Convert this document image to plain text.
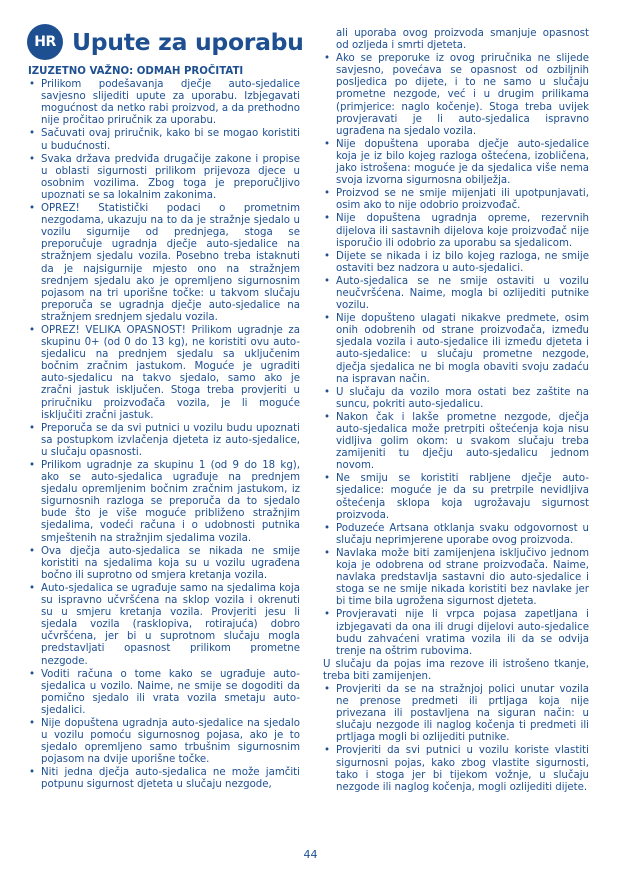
HR Upute za uporabu
IZUZETNO VAŽNO: ODMAH PROČITATI
• Prilikom podešavanja dječje auto-sjedalice savjesno slijediti upute za uporabu. Izbjegavati mogućnost da netko rabi proizvod, a da prethodno nije pročitao priručnik za uporabu.
• Sačuvati ovaj priručnik, kako bi se mogao koristiti u budućnosti.
• Svaka država predviđa drugačije zakone i propise u oblasti sigurnosti prilikom prijevoza djece u osobnim vozilima. Zbog toga je preporučljivo upoznati se sa lokalnim zakonima.
• OPREZ! Statistički podaci o prometnim nezgodama, ukazuju na to da je stražnje sjedalo u vozilu sigurnije od prednjega, stoga se preporučuje ugradnja dječje auto-sjedalice na stražnjem sjedalu vozila. Posebno treba istaknuti da je najsigurnije mjesto ono na stražnjem srednjem sjedalu ako je opremljeno sigurnosnim pojasom na tri uporišne točke: u takvom slučaju preporuča se ugradnja dječje auto-sjedalice na stražnjem srednjem sjedalu vozila.
• OPREZ! VELIKA OPASNOST! Prilikom ugradnje za skupinu 0+ (od 0 do 13 kg), ne koristiti ovu auto-sjedalicu na prednjem sjedalu sa uključenim bočnim zračnim jastukom. Moguće je ugraditi auto-sjedalicu na takvo sjedalo, samo ako je zračni jastuk isključen. Stoga treba provjeriti u priručniku proizvođača vozila, je li moguće isključiti zračni jastuk.
• Preporuča se da svi putnici u vozilu budu upoznati sa postupkom izvlačenja djeteta iz auto-sjedalice, u slučaju opasnosti.
• Prilikom ugradnje za skupinu 1 (od 9 do 18 kg), ako se auto-sjedalica ugrađuje na prednjem sjedalu opremljenim bočnim zračnim jastukom, iz sigurnosnih razloga se preporuča da to sjedalo bude što je više moguće približeno stražnjim sjedalima, vodeći računa i o udobnosti putnika smještenih na stražnjim sjedalima vozila.
• Ova dječja auto-sjedalica se nikada ne smije koristiti na sjedalima koja su u vozilu ugrađena bočno ili suprotno od smjera kretanja vozila.
• Auto-sjedalica se ugrađuje samo na sjedalima koja su ispravno učvršćena na sklop vozila i okrenuti su u smjeru kretanja vozila. Provjeriti jesu li sjedala vozila (rasklopiva, rotirajuća) dobro učvršćena, jer bi u suprotnom slučaju mogla predstavljati opasnost prilikom prometne nezgode.
• Voditi računa o tome kako se ugrađuje auto-sjedalica u vozilo. Naime, ne smije se dogoditi da pomično sjedalo ili vrata vozila smetaju auto-sjedalici.
• Nije dopuštena ugradnja auto-sjedalice na sjedalo u vozilu pomoću sigurnosnog pojasa, ako je to sjedalo opremljeno samo trbušnim sigurnosnim pojasom na dvije uporišne točke.
• Niti jedna dječja auto-sjedalica ne može jamčiti potpunu sigurnost djeteta u slučaju nezgode,
ali uporaba ovog proizvoda smanjuje opasnost od ozljeda i smrti djeteta.
• Ako se preporuke iz ovog priručnika ne slijede savjesno, povećava se opasnost od ozbiljnih posljedica po dijete, i to ne samo u slučaju prometne nezgode, već i u drugim prilikama (primjerice: naglo kočenje). Stoga treba uvijek provjeravati je li auto-sjedalica ispravno ugrađena na sjedalo vozila.
• Nije dopuštena uporaba dječje auto-sjedalice koja je iz bilo kojeg razloga oštećena, izobličena, jako istrošena: moguće je da sjedalica više nema svoja izvorna sigurnosna obilježja.
• Proizvod se ne smije mijenjati ili upotpunjavati, osim ako to nije odobrio proizvođač.
• Nije dopuštena ugradnja opreme, rezervnih dijelova ili sastavnih dijelova koje proizvođač nije isporučio ili odobrio za uporabu sa sjedalicom.
• Dijete se nikada i iz bilo kojeg razloga, ne smije ostaviti bez nadzora u auto-sjedalici.
• Auto-sjedalica se ne smije ostaviti u vozilu neučvršćena. Naime, mogla bi ozlijediti putnike vozilu.
• Nije dopušteno ulagati nikakve predmete, osim onih odobrenih od strane proizvođača, između sjedala vozila i auto-sjedalice ili između djeteta i auto-sjedalice: u slučaju prometne nezgode, dječja sjedalica ne bi mogla obaviti svoju zadaću na ispravan način.
• U slučaju da vozilo mora ostati bez zaštite na suncu, pokriti auto-sjedalicu.
• Nakon čak i lakše prometne nezgode, dječja auto-sjedalica može pretrpiti oštećenja koja nisu vidljiva golim okom: u svakom slučaju treba zamijeniti tu dječju auto-sjedalicu jednom novom.
• Ne smiju se koristiti rabljene dječje auto-sjedalice: moguće je da su pretrpile nevidljiva oštećenja sklopa koja ugrožavaju sigurnost proizvoda.
• Poduzeće Artsana otklanja svaku odgovornost u slučaju neprimjerene uporabe ovog proizvoda.
• Navlaka može biti zamijenjena isključivo jednom koja je odobrena od strane proizvođača. Naime, navlaka predstavlja sastavni dio auto-sjedalice i stoga se ne smije nikada koristiti bez navlake jer bi time bila ugrožena sigurnost djeteta.
• Provjeravati nije li vrpca pojasa zapetljana i izbjegavati da ona ili drugi dijelovi auto-sjedalice budu zahvaćeni vratima vozila ili da se odvija trenje na oštrim rubovima.
U slučaju da pojas ima rezove ili istrošeno tkanje, treba biti zamijenjen.
• Provjeriti da se na stražnjoj polici unutar vozila ne prenose predmeti ili prtljaga koja nije privezana ili postavljena na siguran način: u slučaju nezgode ili naglog kočenja ti predmeti ili prtljaga mogli bi ozlijediti putnike.
• Provjeriti da svi putnici u vozilu koriste vlastiti sigurnosni pojas, kako zbog vlastite sigurnosti, tako i stoga jer bi tijekom vožnje, u slučaju nezgode ili naglog kočenja, mogli ozlijediti dijete.
44
